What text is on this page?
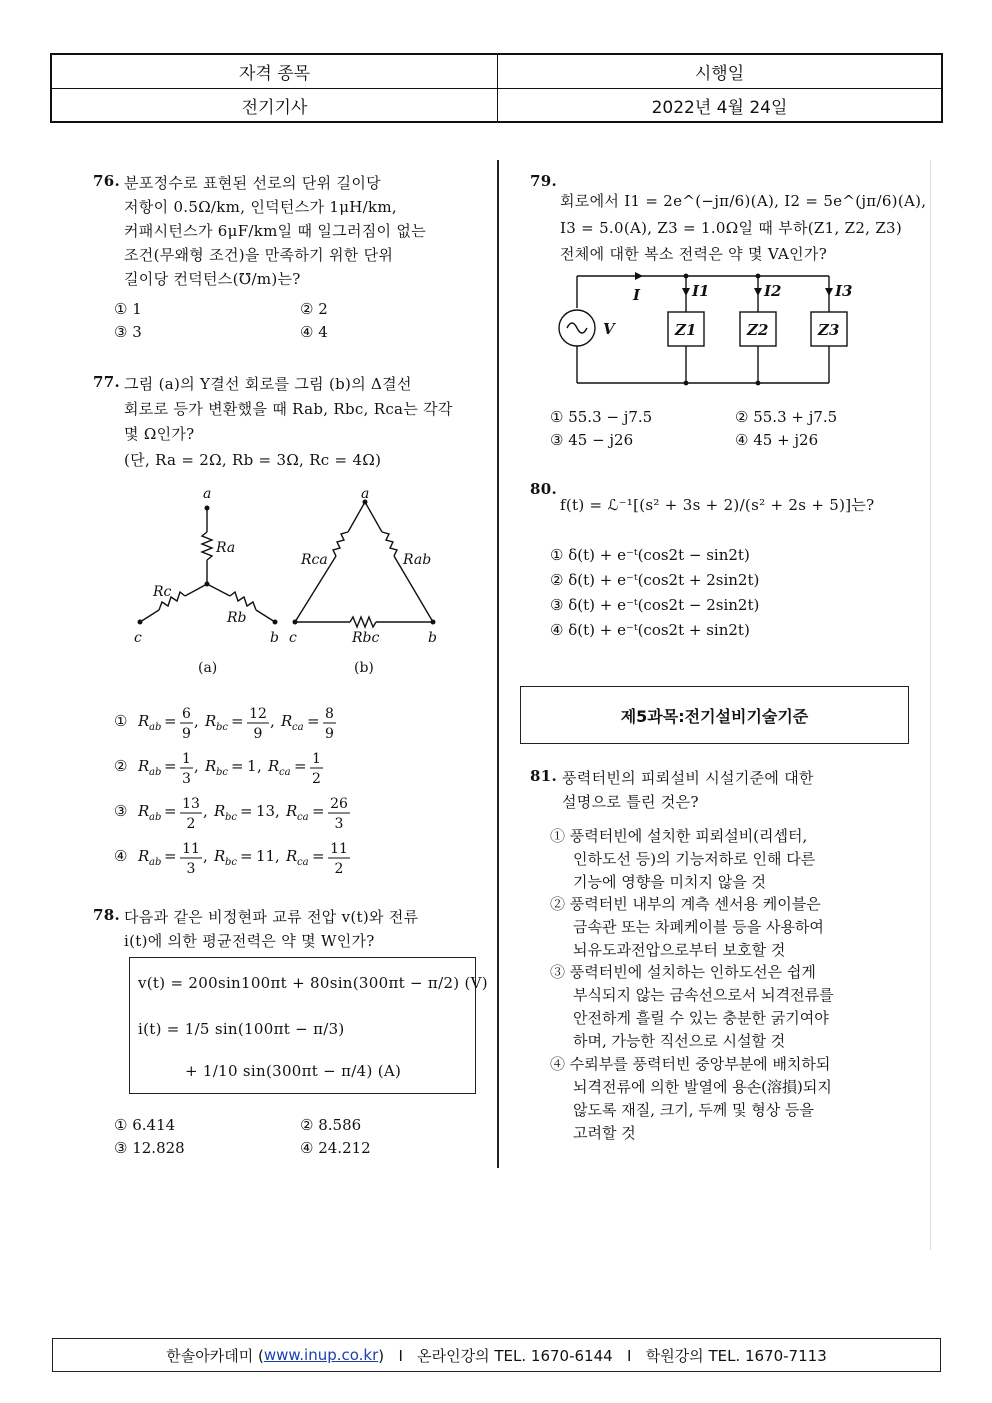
자격 종목	시행일
전기기사	2022년 4월 24일
76. 분포정수로 표현된 선로의 단위 길이당
저항이 0.5Ω/km, 인덕턴스가 1μH/km,
커패시턴스가 6μF/km일 때 일그러짐이 없는
조건(무왜형 조건)을 만족하기 위한 단위
길이당 컨덕턴스(℧/m)는?
① 1	② 2
③ 3	④ 4
77. 그림 (a)의 Y결선 회로를 그림 (b)의 Δ결선
회로로 등가 변환했을 때 Rab, Rbc, Rca는 각각
몇 Ω인가?
(단, Ra = 2Ω, Rb = 3Ω, Rc = 4Ω)
a
Ra
Rc
Rb
c	b
a
Rca	Rab
Rbc
c	b
(a)	(b)
① R ab = 6
9
, R bc = 12
9
, R ca = 8
9
② R ab = 1
3
, R bc = 1 , R ca = 1
2
③ R ab = 13
2
, R bc = 13 , R ca = 26
3
④ R ab = 11
3
, R bc = 11 , R ca = 11
2
78. 다음과 같은 비정현파 교류 전압 v(t)와 전류
i(t)에 의한 평균전력은 약 몇 W인가?
v(t) = 200sin100πt + 80sin(300πt − π/2) (V)
i(t) = 1/5 sin(100πt − π/3)
+ 1/10 sin(300πt − π/4) (A)
① 6.414	② 8.586
③ 12.828	④ 24.212
79.
회로에서 I1 = 2e^(−jπ/6)(A), I2 = 5e^(jπ/6)(A),
I3 = 5.0(A), Z3 = 1.0Ω일 때 부하(Z1, Z2, Z3)
전체에 대한 복소 전력은 약 몇 VA인가?
I	I1	I2	I3
V	Z1	Z2	Z3
① 55.3 − j7.5	② 55.3 + j7.5
③ 45 − j26	④ 45 + j26
80.
f(t) = ℒ⁻¹[(s² + 3s + 2)/(s² + 2s + 5)]는?
① δ(t) + e⁻ᵗ(cos2t − sin2t)
② δ(t) + e⁻ᵗ(cos2t + 2sin2t)
③ δ(t) + e⁻ᵗ(cos2t − 2sin2t)
④ δ(t) + e⁻ᵗ(cos2t + sin2t)
제5과목:전기설비기술기준
81. 풍력터빈의 피뢰설비 시설기준에 대한
설명으로 틀린 것은?
① 풍력터빈에 설치한 피뢰설비(리셉터,
인하도선 등)의 기능저하로 인해 다른
기능에 영향을 미치지 않을 것
② 풍력터빈 내부의 계측 센서용 케이블은
금속관 또는 차폐케이블 등을 사용하여
뇌유도과전압으로부터 보호할 것
③ 풍력터빈에 설치하는 인하도선은 쉽게
부식되지 않는 금속선으로서 뇌격전류를
안전하게 흘릴 수 있는 충분한 굵기여야
하며, 가능한 직선으로 시설할 것
④ 수뢰부를 풍력터빈 중앙부분에 배치하되
뇌격전류에 의한 발열에 용손(溶損)되지
않도록 재질, 크기, 두께 및 형상 등을
고려할 것
한솔아카데미 ( www.inup.co.kr )   I   온라인강의 TEL. 1670-6144   I   학원강의 TEL. 1670-7113
